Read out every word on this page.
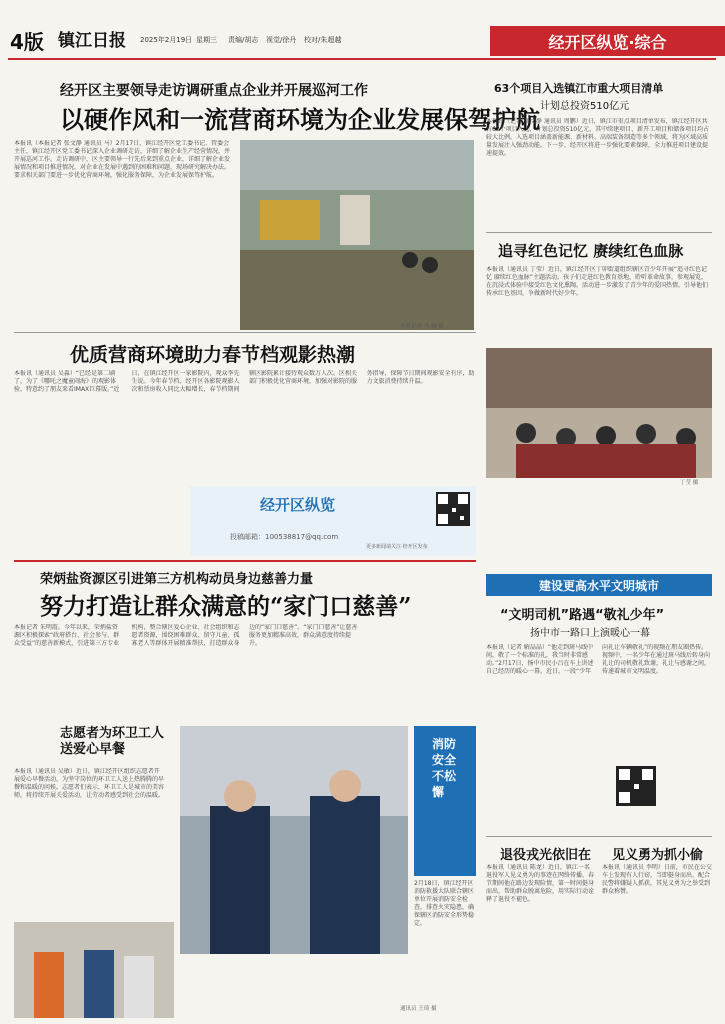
4版 镇江日报 2025年2月19日 星期三 责编/胡志 视觉/徐丹 校对/朱超越	经开区纵览·综合
经开区主要领导走访调研重点企业并开展巡河工作
以硬作风和一流营商环境为企业发展保驾护航

本报讯（本报记者 张文静 通讯员 马）2月17日，镇江经开区党工委书记、管委会主任，镇江经开区党工委书记深入企业调研走访，详细了解企业生产经营情况，并开展巡河工作。走访调研中，区主要领导一行先后来到重点企业，详细了解企业发展情况和项目推进情况，对企业在发展中遇到的困难和问题，现场研究解决办法。要求相关部门要进一步优化营商环境，强化服务保障，为企业发展保驾护航。

本报记者 马 骥 摄
63个项目入选镇江市重大项目清单
计划总投资510亿元

本报讯（记者 张文静 通讯员 周鹏）近日，镇江市重点项目清单发布，镇江经开区共有63个项目入选，计划总投资510亿元，其中续建项目、新开工项目和储备项目均占较大比例。入选项目涵盖新能源、新材料、高端装备制造等多个领域，将为区域高质量发展注入强劲动能。下一步，经开区将进一步强化要素保障，全力推进项目建设提速提效。

追寻红色记忆 赓续红色血脉

本报讯（通讯员 丁莹）近日，镇江经开区丁卯街道组织辖区青少年开展“追寻红色记忆 赓续红色血脉”主题活动。孩子们走进红色教育基地，聆听革命故事，参观展览，在沉浸式体验中接受红色文化熏陶。活动进一步激发了青少年的爱国热情，引导他们传承红色基因，争做新时代好少年。

丁莹 摄
优质营商环境助力春节档观影热潮

本报讯（通讯员 吴淼）“已经是第二刷了，为了《哪吒之魔童闹海》的观影体验，特意约了朋友来看IMAX巨幕版。”近日，在镇江经开区一家影院内，观众李先生说。今年春节档，经开区各影院观影人次和票房收入同比大幅增长，春节档期间辖区影院累计接待观众数万人次。区相关部门积极优化营商环境，加强对影院的服务指导，保障节日期间观影安全有序，助力文旅消费持续升温。

经开区纵览
投稿邮箱：100538817@qq.com
更多新闻请关注 经开区发布
荣炳盐资源区引进第三方机构动员身边慈善力量
努力打造让群众满意的“家门口慈善”

本报记者 朱明霞。今年以来，荣炳盐资源区积极探索“政府搭台、社会参与、群众受益”的慈善新模式，引进第三方专业机构，整合辖区爱心企业、社会组织和志愿者资源，围绕困难群众、留守儿童、孤寡老人等群体开展精准帮扶，打造群众身边的“家门口慈善”。“家门口慈善”让慈善服务更加精准高效，群众满意度持续提升。

志愿者为环卫工人送爱心早餐

本报讯（通讯员 吴敏）近日，镇江经开区组织志愿者开展爱心早餐活动，为坚守岗位的环卫工人送上热腾腾的早餐和温暖的问候。志愿者们表示，环卫工人是城市的美容师，将持续开展关爱活动，让劳动者感受到社会的温暖。

消防安全不松懈

2月18日，镇江经开区消防救援大队联合辖区单位开展消防安全检查，排查火灾隐患，确保辖区消防安全形势稳定。

通讯员 王琦 摄
建设更高水平文明城市
“文明司机”路遇“敬礼少年”
扬中市一路口上演暖心一幕

本报讯（记者 解晶晶）“他走到斑马线中间，敬了一个标准的礼，我当时非常感动。”2月17日，扬中市民小吕在车上讲述自己经历的暖心一幕。近日，一段“少年向礼让车辆敬礼”的视频在朋友圈热传。视频中，一名少年在通过斑马线后转身向礼让的司机敬礼致谢，礼让与感谢之间，传递着城市文明温度。

退役戎光依旧在

本报讯（通讯员 陈龙）近日，镇江一名退役军人见义勇为的事迹在网络传播。春节期间他在路边发现险情，第一时间挺身而出，帮助群众脱离危险，用实际行动诠释了退役不褪色。

见义勇为抓小偷

本报讯（通讯员 李明）日前，市民在公交车上发现有人行窃，当即挺身而出，配合民警将嫌疑人抓获，其见义勇为之举受到群众称赞。
